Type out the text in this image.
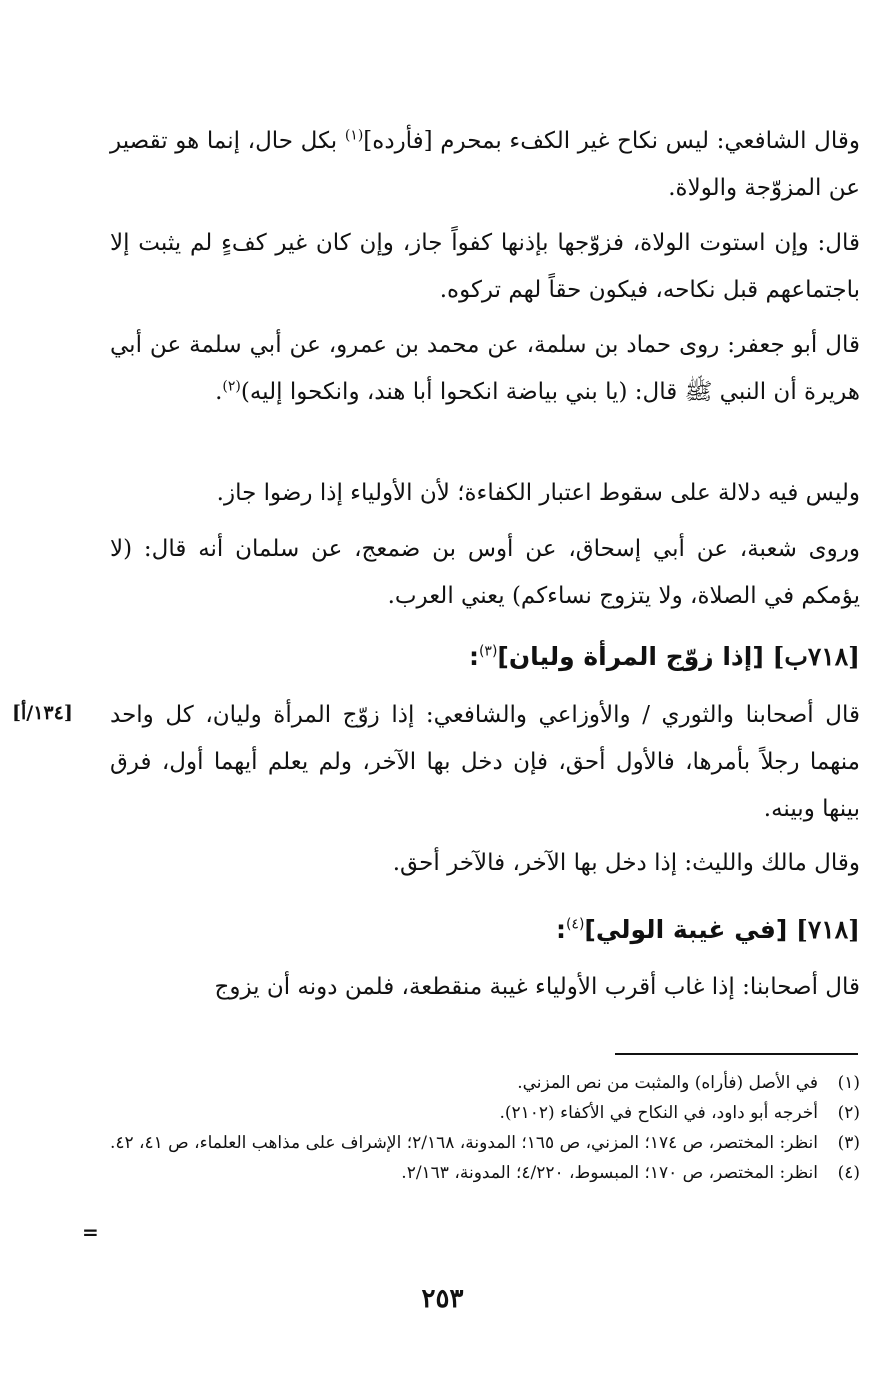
وقال الشافعي: ليس نكاح غير الكفء بمحرم [فأرده]$^{(١)}$ بكل حال، إنما هو تقصير عن المزوّجة والولاة.
قال: وإن استوت الولاة، فزوّجها بإذنها كفواً جاز، وإن كان غير كفءٍ لم يثبت إلا باجتماعهم قبل نكاحه، فيكون حقاً لهم تركوه.
قال أبو جعفر: روى حماد بن سلمة، عن محمد بن عمرو، عن أبي سلمة عن أبي هريرة أن النبي ﷺ قال: (يا بني بياضة انكحوا أبا هند، وانكحوا إليه)$^{(٢)}$.
وليس فيه دلالة على سقوط اعتبار الكفاءة؛ لأن الأولياء إذا رضوا جاز.
وروى شعبة، عن أبي إسحاق، عن أوس بن ضمعج، عن سلمان أنه قال: (لا يؤمكم في الصلاة، ولا يتزوج نساءكم) يعني العرب.
[٧١٨ب] [إذا زوّج المرأة وليان]$^{(٣)}$:
[١٣٤/أ] قال أصحابنا والثوري / والأوزاعي والشافعي: إذا زوّج المرأة وليان، كل واحد منهما رجلاً بأمرها، فالأول أحق، فإن دخل بها الآخر، ولم يعلم أيهما أول، فرق بينها وبينه.
وقال مالك والليث: إذا دخل بها الآخر، فالآخر أحق.
[٧١٨] [في غيبة الولي]$^{(٤)}$:
قال أصحابنا: إذا غاب أقرب الأولياء غيبة منقطعة، فلمن دونه أن يزوج
(١)
في الأصل (فأراه) والمثبت من نص المزني.
(٢)
أخرجه أبو داود، في النكاح في الأكفاء (٢١٠٢).
(٣)
انظر: المختصر، ص ١٧٤؛ المزني، ص ١٦٥؛ المدونة، ٢/١٦٨؛ الإشراف على مذاهب العلماء، ص ٤١، ٤٢.
(٤)
انظر: المختصر، ص ١٧٠؛ المبسوط، ٤/٢٢٠؛ المدونة، ٢/١٦٣.
=
٢٥٣
